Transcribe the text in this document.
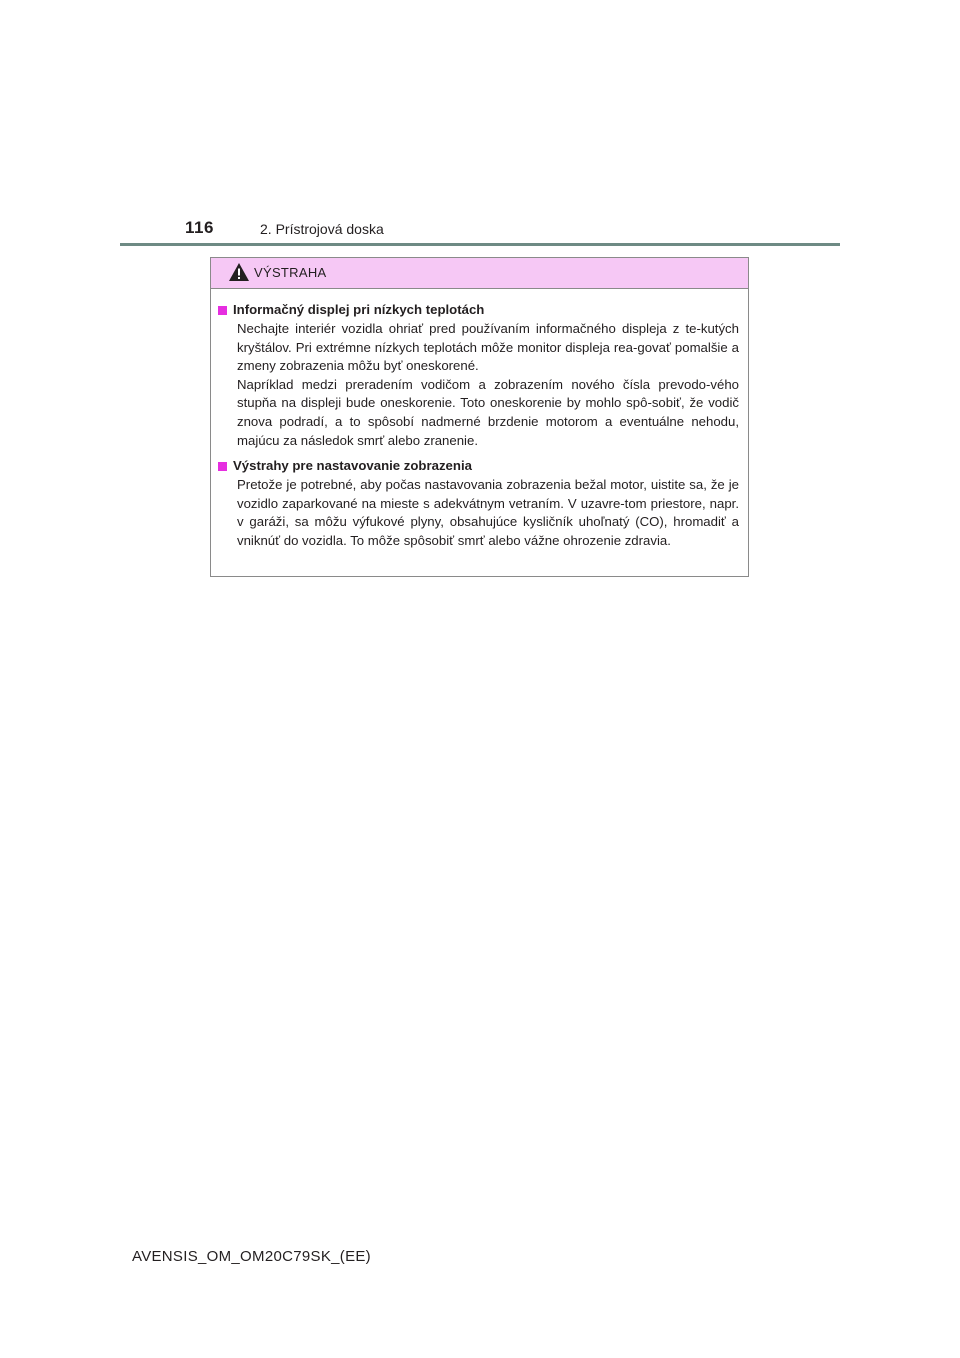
116	2. Prístrojová doska
VÝSTRAHA
Informačný displej pri nízkych teplotách
Nechajte interiér vozidla ohriať pred používaním informačného displeja z te-kutých kryštálov. Pri extrémne nízkych teplotách môže monitor displeja rea-govať pomalšie a zmeny zobrazenia môžu byť oneskorené.
Napríklad medzi preradením vodičom a zobrazením nového čísla prevodo-vého stupňa na displeji bude oneskorenie. Toto oneskorenie by mohlo spô-sobiť, že vodič znova podradí, a to spôsobí nadmerné brzdenie motorom a eventuálne nehodu, majúcu za následok smrť alebo zranenie.
Výstrahy pre nastavovanie zobrazenia
Pretože je potrebné, aby počas nastavovania zobrazenia bežal motor, uistite sa, že je vozidlo zaparkované na mieste s adekvátnym vetraním. V uzavre-tom priestore, napr. v garáži, sa môžu výfukové plyny, obsahujúce kysličník uhoľnatý (CO), hromadiť a vniknúť do vozidla. To môže spôsobiť smrť alebo vážne ohrozenie zdravia.
AVENSIS_OM_OM20C79SK_(EE)
